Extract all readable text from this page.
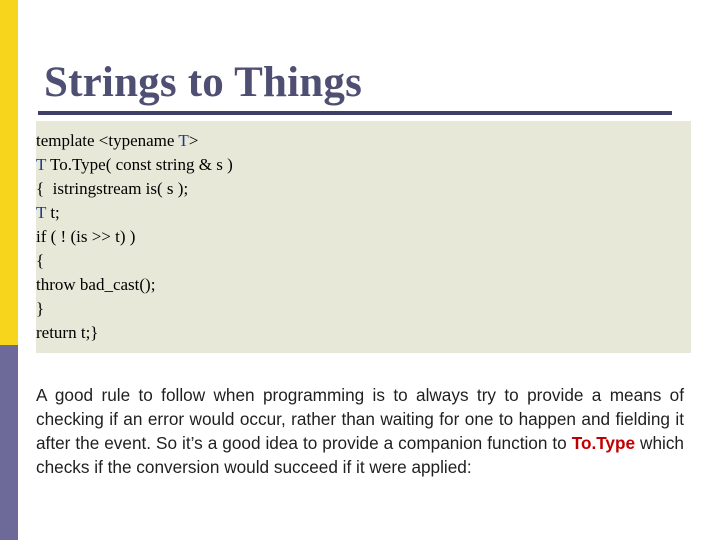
Strings to Things
template <typename T>
T To.Type( const string & s )
{  istringstream is( s );
T t;
if ( ! (is >> t) )
{
throw bad_cast();
}
return t;}

A good rule to follow when programming is to always try to provide a means of checking if an error would occur, rather than waiting for one to happen and fielding it after the event. So it’s a good idea to provide a companion function to To.Type which checks if the conversion would succeed if it were applied:
